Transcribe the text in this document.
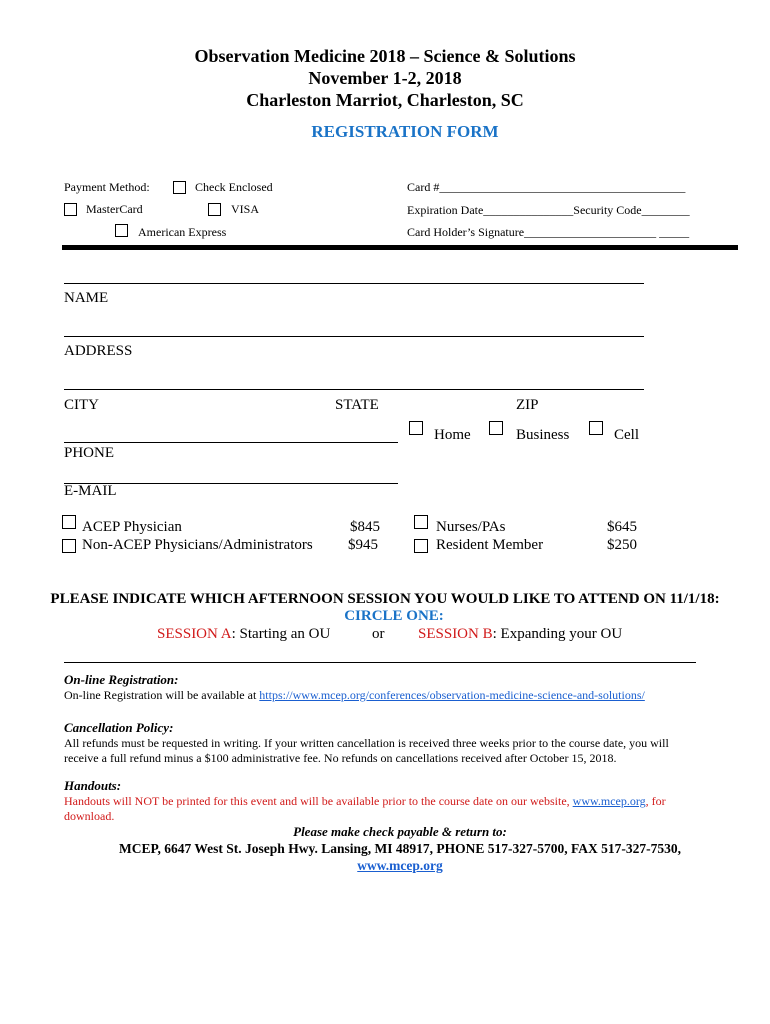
Observation Medicine 2018 – Science & Solutions
November 1-2, 2018
Charleston Marriot, Charleston, SC
REGISTRATION FORM
Payment Method:	Check Enclosed
MasterCard	VISA
American Express
Card #_________________________________________
Expiration Date_______________Security Code________
Card Holder’s Signature______________________ _____
NAME
ADDRESS
CITY	STATE	ZIP
PHONE
Home	Business	Cell
E-MAIL
ACEP Physician	$845
Non-ACEP Physicians/Administrators $945
Nurses/PAs	$645
Resident Member	$250
PLEASE INDICATE WHICH AFTERNOON SESSION YOU WOULD LIKE TO ATTEND ON 11/1/18:
CIRCLE ONE:
SESSION A: Starting an OU	or SESSION B: Expanding your OU
On-line Registration:
On-line Registration will be available at https://www.mcep.org/conferences/observation-medicine-science-and-solutions/
Cancellation Policy:
All refunds must be requested in writing. If your written cancellation is received three weeks prior to the course date, you will
receive a full refund minus a $100 administrative fee. No refunds on cancellations received after October 15, 2018.
Handouts:
Handouts will NOT be printed for this event and will be available prior to the course date on our website, www.mcep.org, for
download.
Please make check payable & return to:
MCEP, 6647 West St. Joseph Hwy. Lansing, MI 48917, PHONE 517-327-5700, FAX 517-327-7530,
www.mcep.org
